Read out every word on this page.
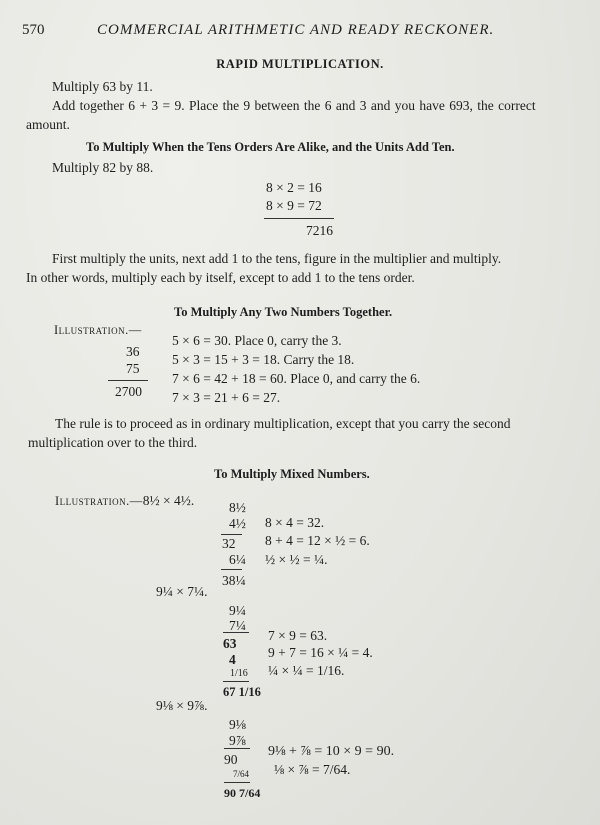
570	COMMERCIAL ARITHMETIC AND READY RECKONER.
RAPID MULTIPLICATION.
Multiply 63 by 11.
Add together 6 + 3 = 9. Place the 9 between the 6 and 3 and you have 693, the correct
amount.
To Multiply When the Tens Orders Are Alike, and the Units Add Ten.
Multiply 82 by 88.
8 × 2 = 16
8 × 9 = 72
7216
First multiply the units, next add 1 to the tens, figure in the multiplier and multiply.
In other words, multiply each by itself, except to add 1 to the tens order.
To Multiply Any Two Numbers Together.
Illustration.—
36
75
2700
5 × 6 = 30. Place 0, carry the 3.
5 × 3 = 15 + 3 = 18. Carry the 18.
7 × 6 = 42 + 18 = 60. Place 0, and carry the 6.
7 × 3 = 21 + 6 = 27.
The rule is to proceed as in ordinary multiplication, except that you carry the second
multiplication over to the third.
To Multiply Mixed Numbers.
Illustration.—8½ × 4½.	8½
4½
32
6¼
38¼
8 × 4 = 32.
8 + 4 = 12 × ½ = 6.
½ × ½ = ¼.
9¼ × 7¼.
9¼
7¼
63
4
1/16
67 1/16
7 × 9 = 63.
9 + 7 = 16 × ¼ = 4.
¼ × ¼ = 1/16.
9⅛ × 9⅞.
9⅛
9⅞
90
7/64
90 7/64
9⅛ + ⅞ = 10 × 9 = 90.
⅛ × ⅞ = 7/64.
